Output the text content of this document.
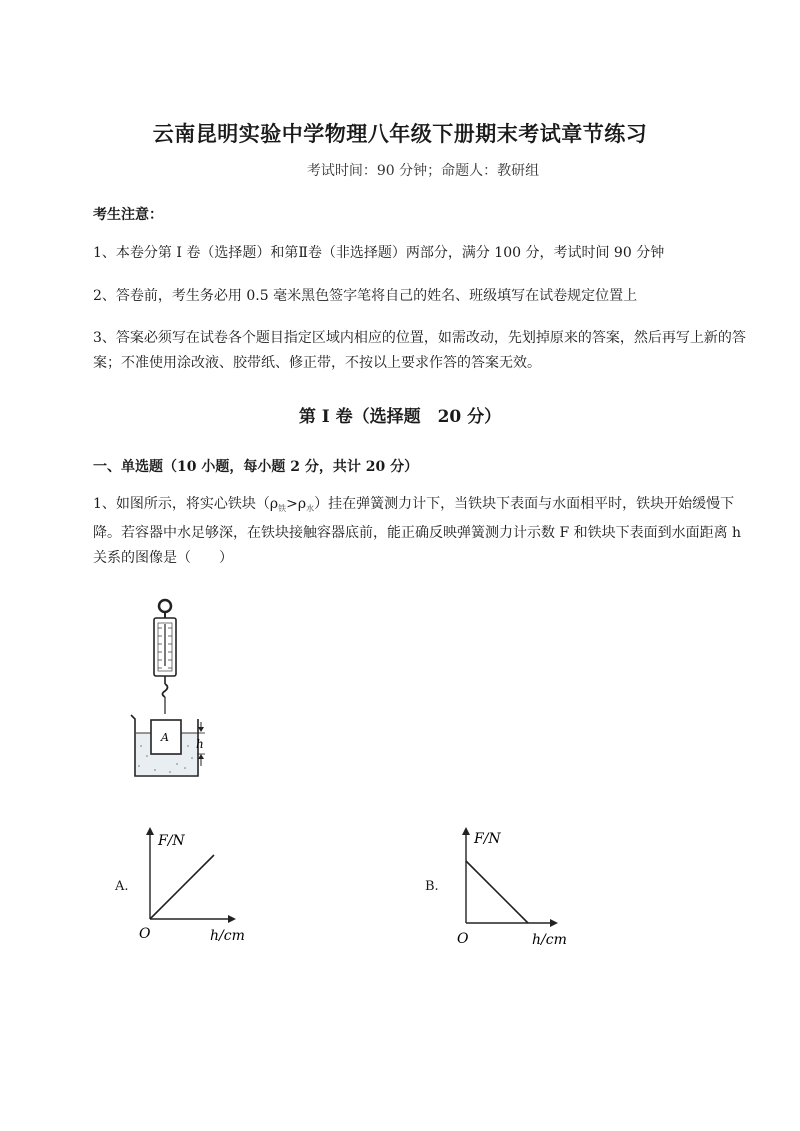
云南昆明实验中学物理八年级下册期末考试章节练习
考试时间：90 分钟；命题人：教研组
考生注意：
1、本卷分第 I 卷（选择题）和第Ⅱ卷（非选择题）两部分，满分 100 分，考试时间 90 分钟
2、答卷前，考生务必用 0.5 毫米黑色签字笔将自己的姓名、班级填写在试卷规定位置上
3、答案必须写在试卷各个题目指定区域内相应的位置，如需改动，先划掉原来的答案，然后再写上新的答案；不准使用涂改液、胶带纸、修正带，不按以上要求作答的答案无效。
第 I 卷（选择题　20 分）
一、单选题（10 小题，每小题 2 分，共计 20 分）
1、如图所示，将实心铁块$(\rho_铁>\rho_水)$挂在弹簧测力计下，当铁块下表面与水面相平时，铁块开始缓慢下降。若容器中水足够深，在铁块接触容器底前，能正确反映弹簧测力计示数 F 和铁块下表面到水面距离 h 关系的图像是（　　）
A h
A.
F/N
O	h/cm
B.
F/N
O	h/cm
